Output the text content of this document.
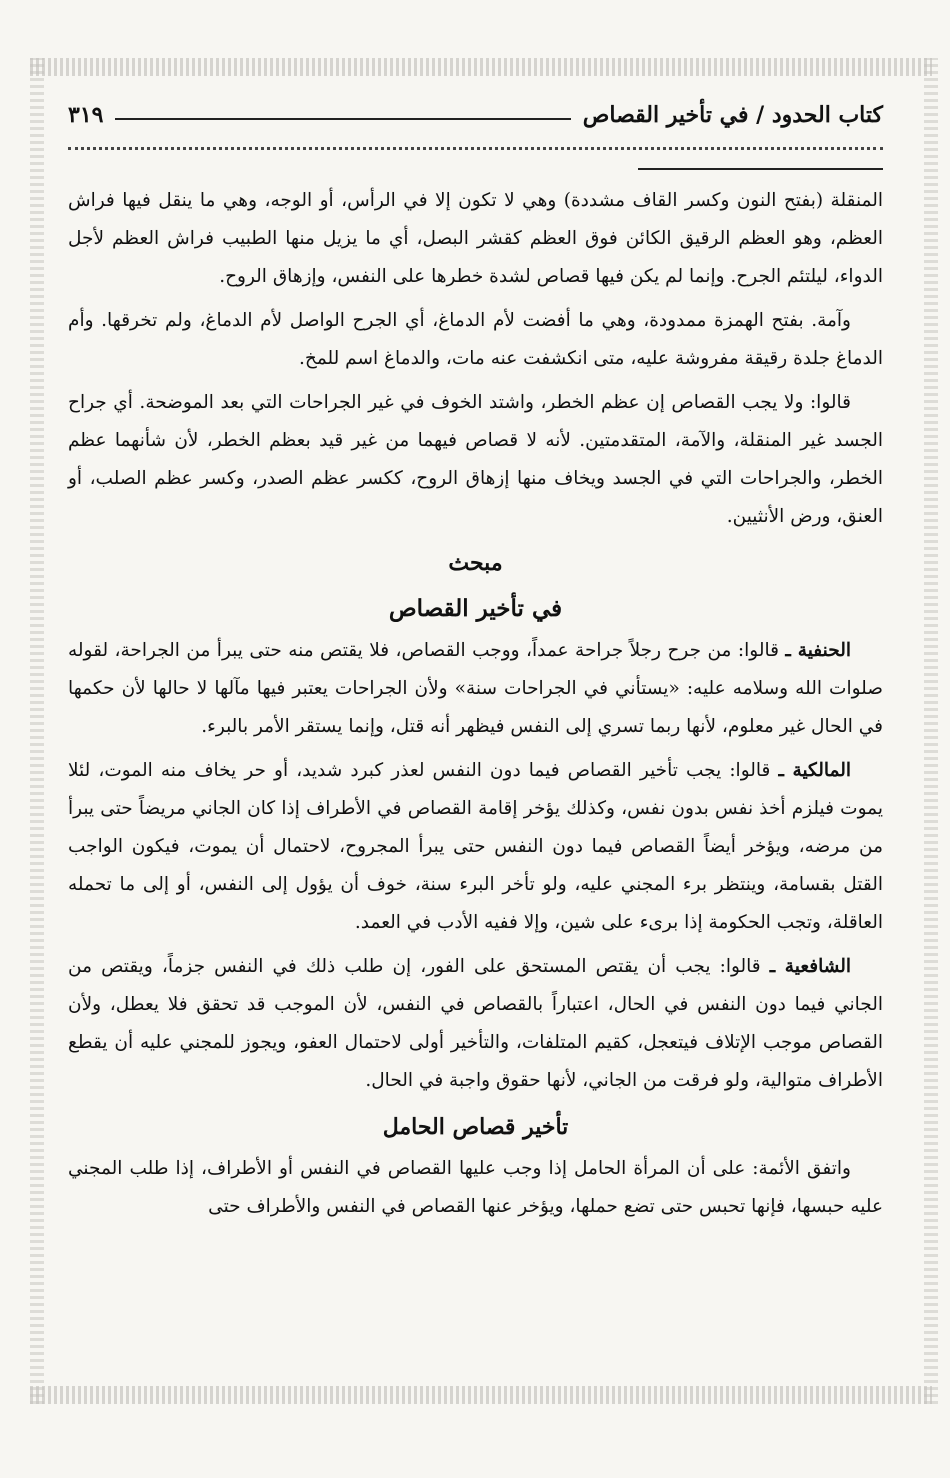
كتاب الحدود / في تأخير القصاص
٣١٩

المنقلة (بفتح النون وكسر القاف مشددة) وهي لا تكون إلا في الرأس، أو الوجه، وهي ما ينقل فيها فراش العظم، وهو العظم الرقيق الكائن فوق العظم كقشر البصل، أي ما يزيل منها الطبيب فراش العظم لأجل الدواء، ليلتئم الجرح. وإنما لم يكن فيها قصاص لشدة خطرها على النفس، وإزهاق الروح.

وآمة. بفتح الهمزة ممدودة، وهي ما أفضت لأم الدماغ، أي الجرح الواصل لأم الدماغ، ولم تخرقها. وأم الدماغ جلدة رقيقة مفروشة عليه، متى انكشفت عنه مات، والدماغ اسم للمخ.

قالوا: ولا يجب القصاص إن عظم الخطر، واشتد الخوف في غير الجراحات التي بعد الموضحة. أي جراح الجسد غير المنقلة، والآمة، المتقدمتين. لأنه لا قصاص فيهما من غير قيد بعظم الخطر، لأن شأنهما عظم الخطر، والجراحات التي في الجسد ويخاف منها إزهاق الروح، ككسر عظم الصدر، وكسر عظم الصلب، أو العنق، ورض الأنثيين.

مبحث
في تأخير القصاص

الحنفية ـ قالوا: من جرح رجلاً جراحة عمداً، ووجب القصاص، فلا يقتص منه حتى يبرأ من الجراحة، لقوله صلوات الله وسلامه عليه: «يستأني في الجراحات سنة» ولأن الجراحات يعتبر فيها مآلها لا حالها لأن حكمها في الحال غير معلوم، لأنها ربما تسري إلى النفس فيظهر أنه قتل، وإنما يستقر الأمر بالبرء.

المالكية ـ قالوا: يجب تأخير القصاص فيما دون النفس لعذر كبرد شديد، أو حر يخاف منه الموت، لئلا يموت فيلزم أخذ نفس بدون نفس، وكذلك يؤخر إقامة القصاص في الأطراف إذا كان الجاني مريضاً حتى يبرأ من مرضه، ويؤخر أيضاً القصاص فيما دون النفس حتى يبرأ المجروح، لاحتمال أن يموت، فيكون الواجب القتل بقسامة، وينتظر برء المجني عليه، ولو تأخر البرء سنة، خوف أن يؤول إلى النفس، أو إلى ما تحمله العاقلة، وتجب الحكومة إذا برىء على شين، وإلا ففيه الأدب في العمد.

الشافعية ـ قالوا: يجب أن يقتص المستحق على الفور، إن طلب ذلك في النفس جزماً، ويقتص من الجاني فيما دون النفس في الحال، اعتباراً بالقصاص في النفس، لأن الموجب قد تحقق فلا يعطل، ولأن القصاص موجب الإتلاف فيتعجل، كقيم المتلفات، والتأخير أولى لاحتمال العفو، ويجوز للمجني عليه أن يقطع الأطراف متوالية، ولو فرقت من الجاني، لأنها حقوق واجبة في الحال.

تأخير قصاص الحامل

واتفق الأئمة: على أن المرأة الحامل إذا وجب عليها القصاص في النفس أو الأطراف، إذا طلب المجني عليه حبسها، فإنها تحبس حتى تضع حملها، ويؤخر عنها القصاص في النفس والأطراف حتى
